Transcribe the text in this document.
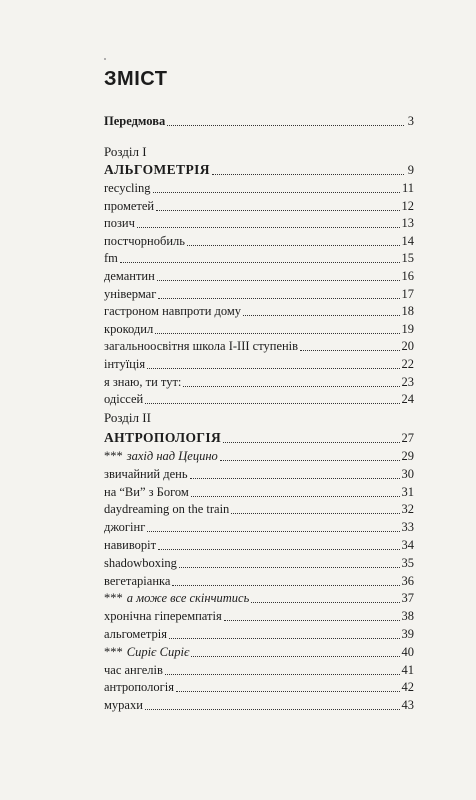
ЗМІСТ
Передмова	3
Розділ І
АЛЬГОМЕТРІЯ	9
recycling	11
прометей	12
позич	13
постчорнобиль	14
fm	15
демантин	16
універмаг	17
гастроном навпроти дому	18
крокодил	19
загальноосвітня школа І-ІІІ ступенів	20
інтуїція	22
я знаю, ти тут:	23
одіссей	24
Розділ ІІ
АНТРОПОЛОГІЯ	27
*** захід над Цецино	29
звичайний день	30
на “Ви” з Богом	31
daydreaming on the train	32
джогінг	33
навиворіт	34
shadowboxing	35
вегетаріанка	36
*** а може все скінчитись	37
хронічна гіперемпатія	38
альгометрія	39
*** Сиріє Сиріє	40
час ангелів	41
антропологія	42
мурахи	43
